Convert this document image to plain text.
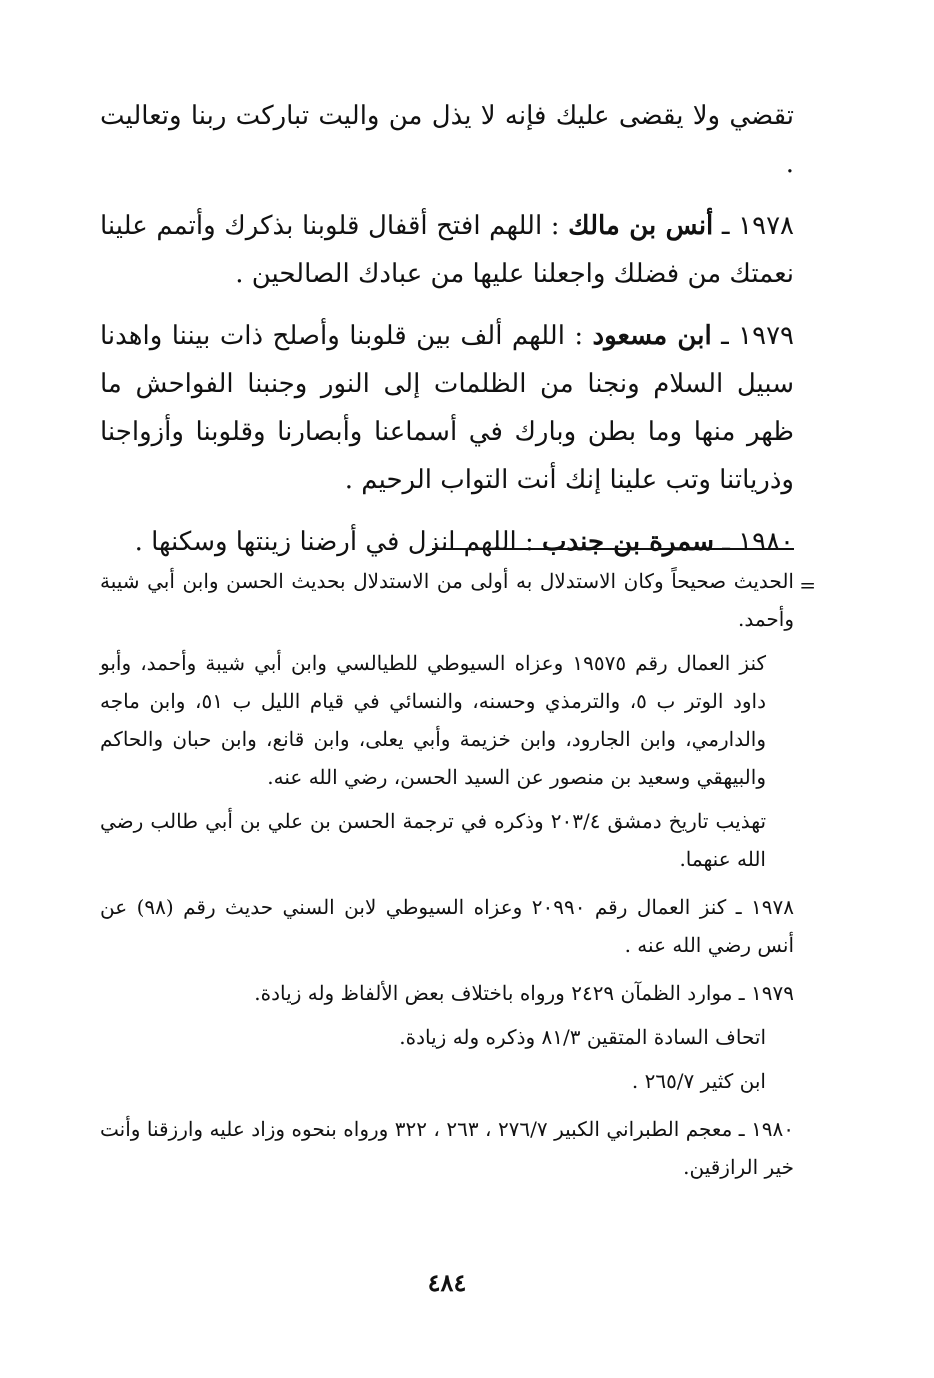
تقضي ولا يقضى عليك فإنه لا يذل من واليت تباركت ربنا وتعاليت .

١٩٧٨ ـ أنس بن مالك : اللهم افتح أقفال قلوبنا بذكرك وأتمم علينا نعمتك من فضلك واجعلنا عليها من عبادك الصالحين .

١٩٧٩ ـ ابن مسعود : اللهم ألف بين قلوبنا وأصلح ذات بيننا واهدنا سبيل السلام ونجنا من الظلمات إلى النور وجنبنا الفواحش ما ظهر منها وما بطن وبارك في أسماعنا وأبصارنا وقلوبنا وأزواجنا وذرياتنا وتب علينا إنك أنت التواب الرحيم .

١٩٨٠ ـ سمرة بن جندب : اللهم انزل في أرضنا زينتها وسكنها .

=
الحديث صحيحاً وكان الاستدلال به أولى من الاستدلال بحديث الحسن وابن أبي شيبة وأحمد.

كنز العمال رقم ١٩٥٧٥ وعزاه السيوطي للطيالسي وابن أبي شيبة وأحمد، وأبو داود الوتر ب ٥، والترمذي وحسنه، والنسائي في قيام الليل ب ٥١، وابن ماجه والدارمي، وابن الجارود، وابن خزيمة وأبي يعلى، وابن قانع، وابن حبان والحاكم والبيهقي وسعيد بن منصور عن السيد الحسن، رضي الله عنه.

تهذيب تاريخ دمشق ٢٠٣/٤ وذكره في ترجمة الحسن بن علي بن أبي طالب رضي الله عنهما.

١٩٧٨ ـ كنز العمال رقم ٢٠٩٩٠ وعزاه السيوطي لابن السني حديث رقم (٩٨) عن أنس رضي الله عنه .

١٩٧٩ ـ موارد الظمآن ٢٤٢٩ ورواه باختلاف بعض الألفاظ وله زيادة.

اتحاف السادة المتقين ٨١/٣ وذكره وله زيادة.

ابن كثير ٢٦٥/٧ .

١٩٨٠ ـ معجم الطبراني الكبير ٢٧٦/٧ ، ٢٦٣ ، ٣٢٢ ورواه بنحوه وزاد عليه وارزقنا وأنت خير الرازقين.

٤٨٤
